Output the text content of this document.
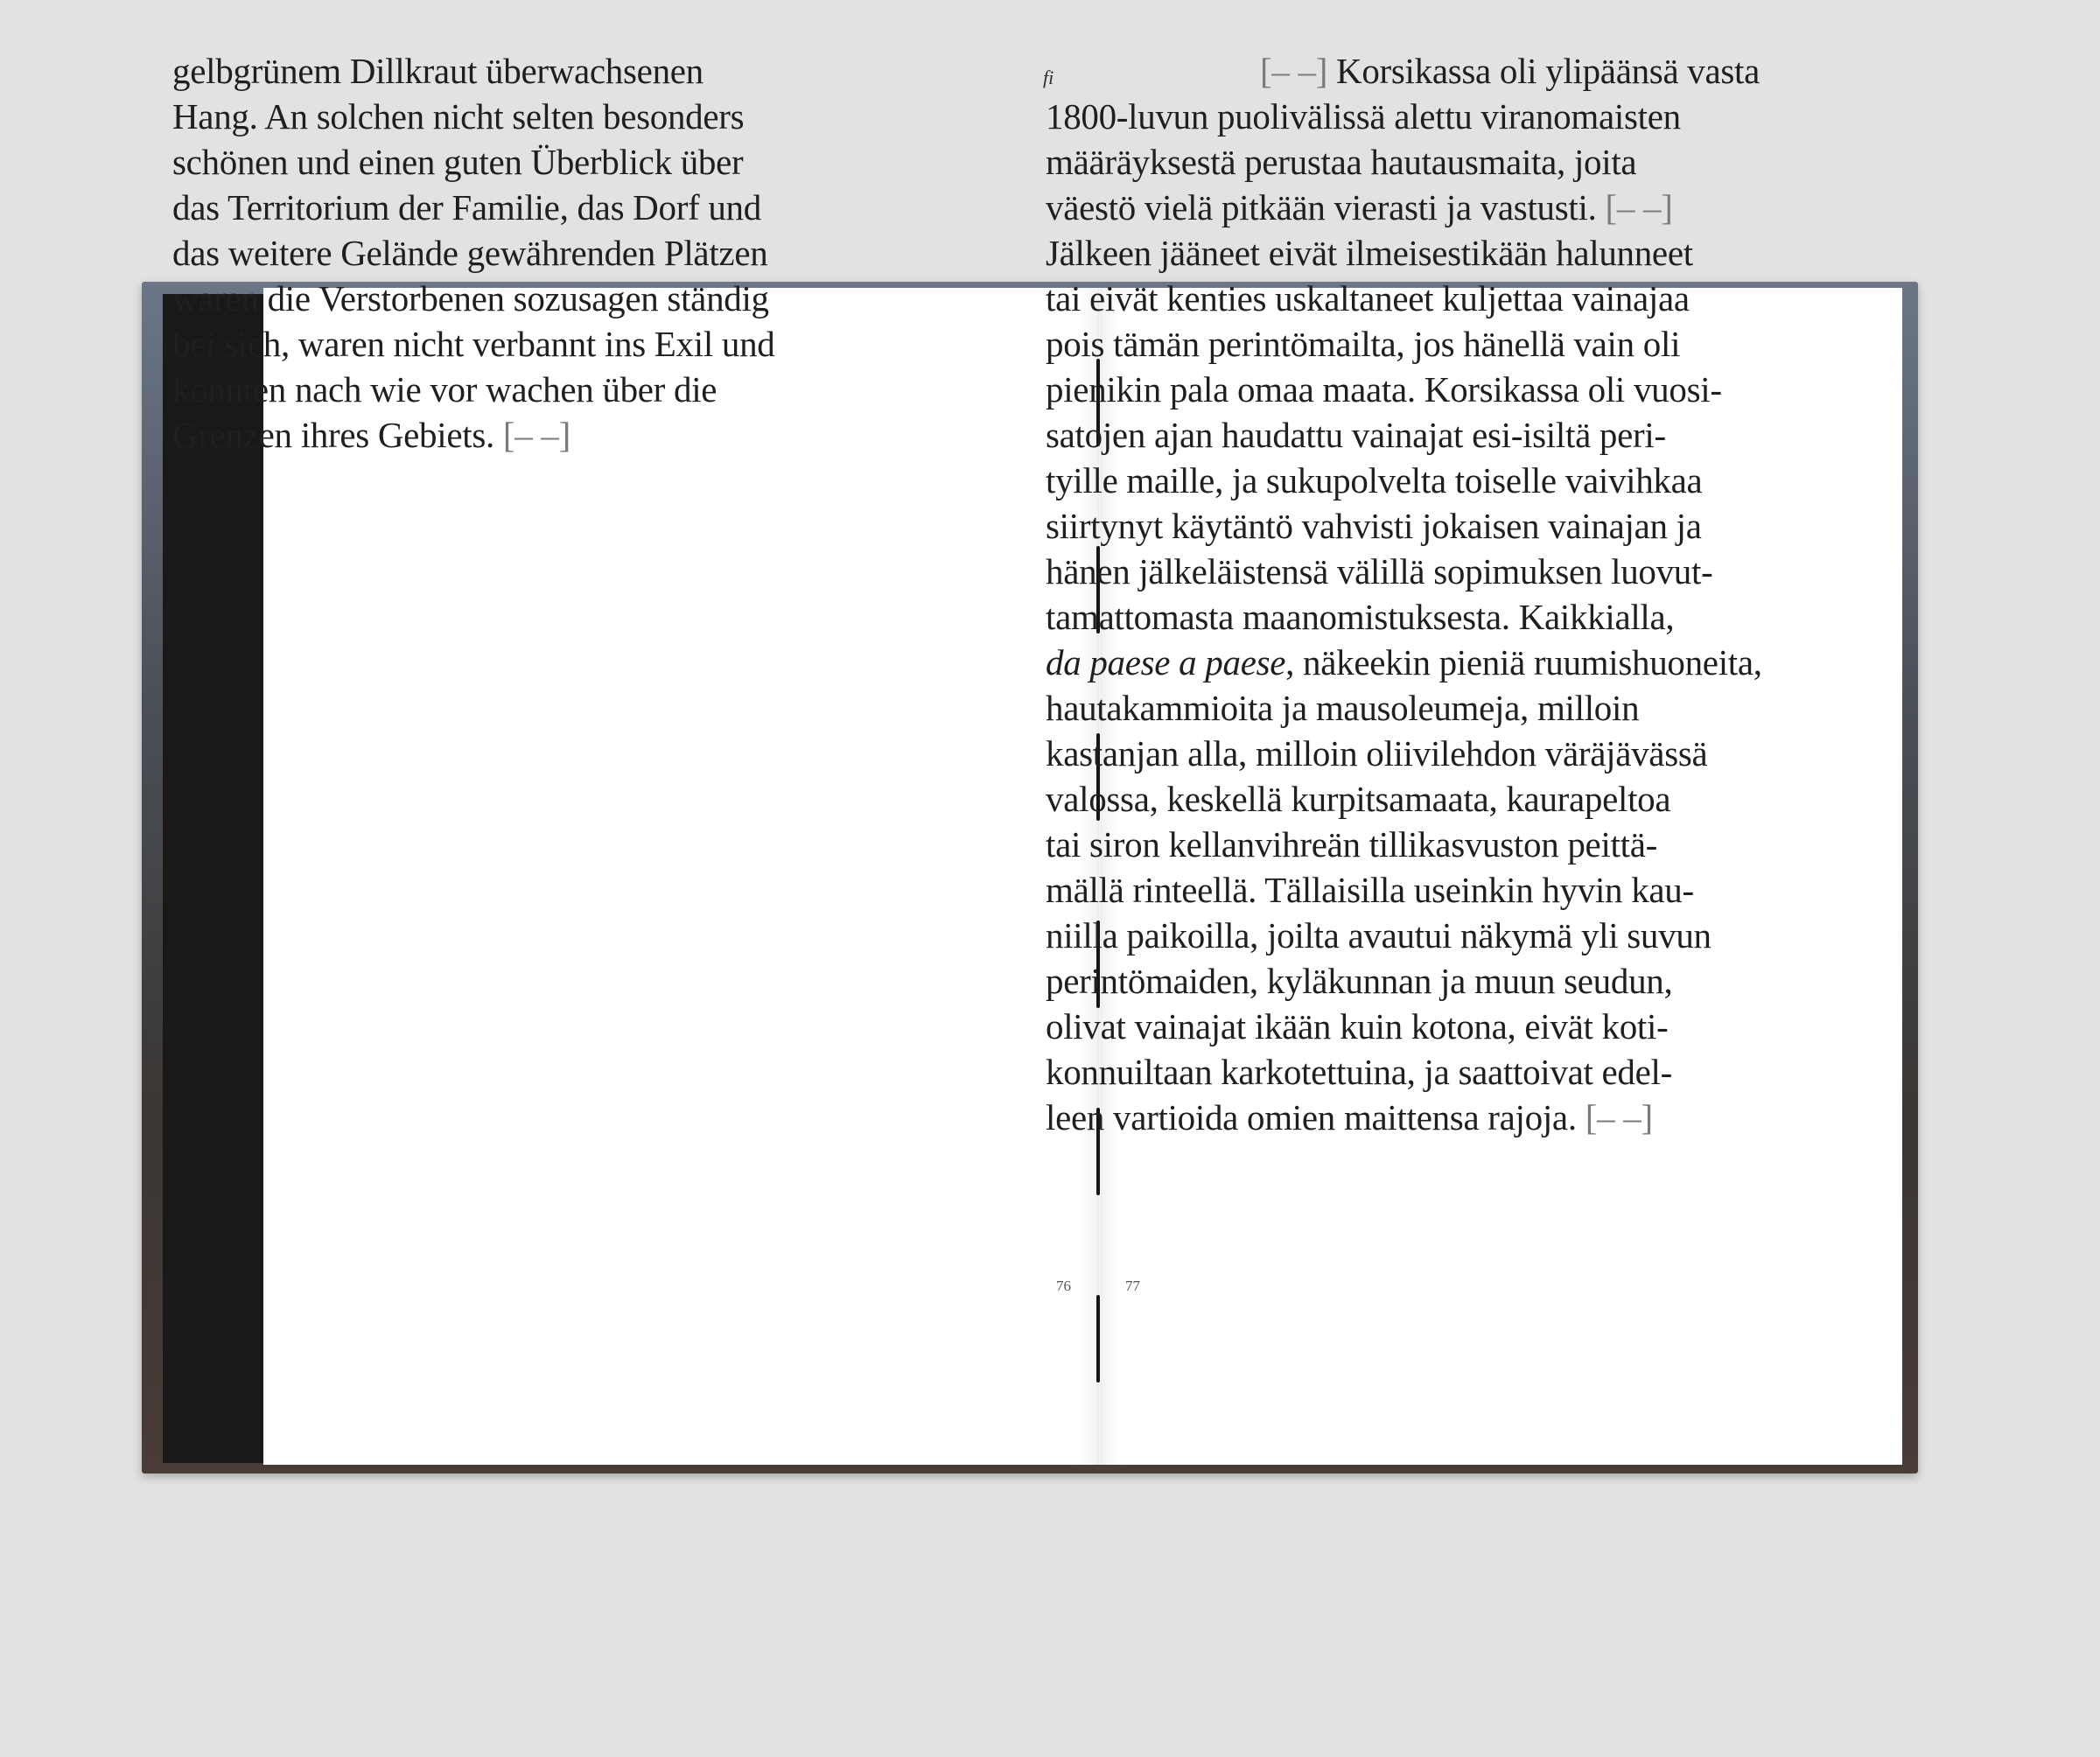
76	77
gelbgrünem Dillkraut überwachsenen
Hang. An solchen nicht selten besonders
schönen und einen guten Überblick über
das Territorium der Familie, das Dorf und
das weitere Gelände gewährenden Plätzen
waren die Verstorbenen sozusagen ständig
bei sich, waren nicht verbannt ins Exil und
konnten nach wie vor wachen über die
Grenzen ihres Gebiets. [– –]
fi	[– –] Korsikassa oli ylipäänsä vasta
1800-luvun puolivälissä alettu viranomaisten
määräyksestä perustaa hautausmaita, joita
väestö vielä pitkään vierasti ja vastusti. [– –]
Jälkeen jääneet eivät ilmeisestikään halunneet
tai eivät kenties uskaltaneet kuljettaa vainajaa
pois tämän perintömailta, jos hänellä vain oli
pienikin pala omaa maata. Korsikassa oli vuosi-
satojen ajan haudattu vainajat esi-isiltä peri-
tyille maille, ja sukupolvelta toiselle vaivihkaa
siirtynyt käytäntö vahvisti jokaisen vainajan ja
hänen jälkeläistensä välillä sopimuksen luovut-
tamattomasta maanomistuksesta. Kaikkialla,
da paese a paese, näkeekin pieniä ruumishuoneita,
hautakammioita ja mausoleumeja, milloin
kastanjan alla, milloin oliivilehdon väräjävässä
valossa, keskellä kurpitsamaata, kaurapeltoa
tai siron kellanvihreän tillikasvuston peittä-
mällä rinteellä. Tällaisilla useinkin hyvin kau-
niilla paikoilla, joilta avautui näkymä yli suvun
perintömaiden, kyläkunnan ja muun seudun,
olivat vainajat ikään kuin kotona, eivät koti-
konnuiltaan karkotettuina, ja saattoivat edel-
leen vartioida omien maittensa rajoja. [– –]
